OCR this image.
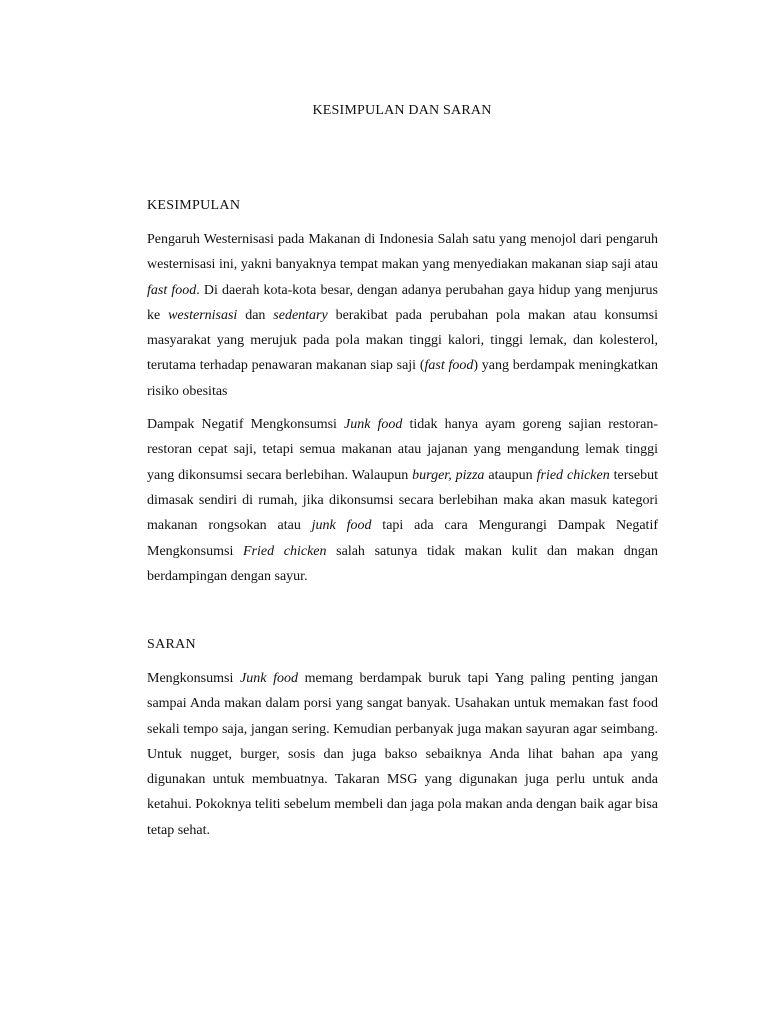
KESIMPULAN DAN SARAN
KESIMPULAN

Pengaruh Westernisasi pada Makanan di Indonesia Salah satu yang menojol dari pengaruh westernisasi ini, yakni banyaknya tempat makan yang menyediakan makanan siap saji atau fast food. Di daerah kota-kota besar, dengan adanya perubahan gaya hidup yang menjurus ke westernisasi dan sedentary berakibat pada perubahan pola makan atau konsumsi masyarakat yang merujuk pada pola makan tinggi kalori, tinggi lemak, dan kolesterol, terutama terhadap penawaran makanan siap saji (fast food) yang berdampak meningkatkan risiko obesitas

Dampak Negatif Mengkonsumsi Junk food tidak hanya ayam goreng sajian restoran-restoran cepat saji, tetapi semua makanan atau jajanan yang mengandung lemak tinggi yang dikonsumsi secara berlebihan. Walaupun burger, pizza ataupun fried chicken tersebut dimasak sendiri di rumah, jika dikonsumsi secara berlebihan maka akan masuk kategori makanan rongsokan atau junk food tapi ada cara Mengurangi Dampak Negatif Mengkonsumsi Fried chicken salah satunya tidak makan kulit dan makan dngan berdampingan dengan sayur.

SARAN

Mengkonsumsi Junk food memang berdampak buruk tapi Yang paling penting jangan sampai Anda makan dalam porsi yang sangat banyak. Usahakan untuk memakan fast food sekali tempo saja, jangan sering. Kemudian perbanyak juga makan sayuran agar seimbang. Untuk nugget, burger, sosis dan juga bakso sebaiknya Anda lihat bahan apa yang digunakan untuk membuatnya. Takaran MSG yang digunakan juga perlu untuk anda ketahui. Pokoknya teliti sebelum membeli dan jaga pola makan anda dengan baik agar bisa tetap sehat.
